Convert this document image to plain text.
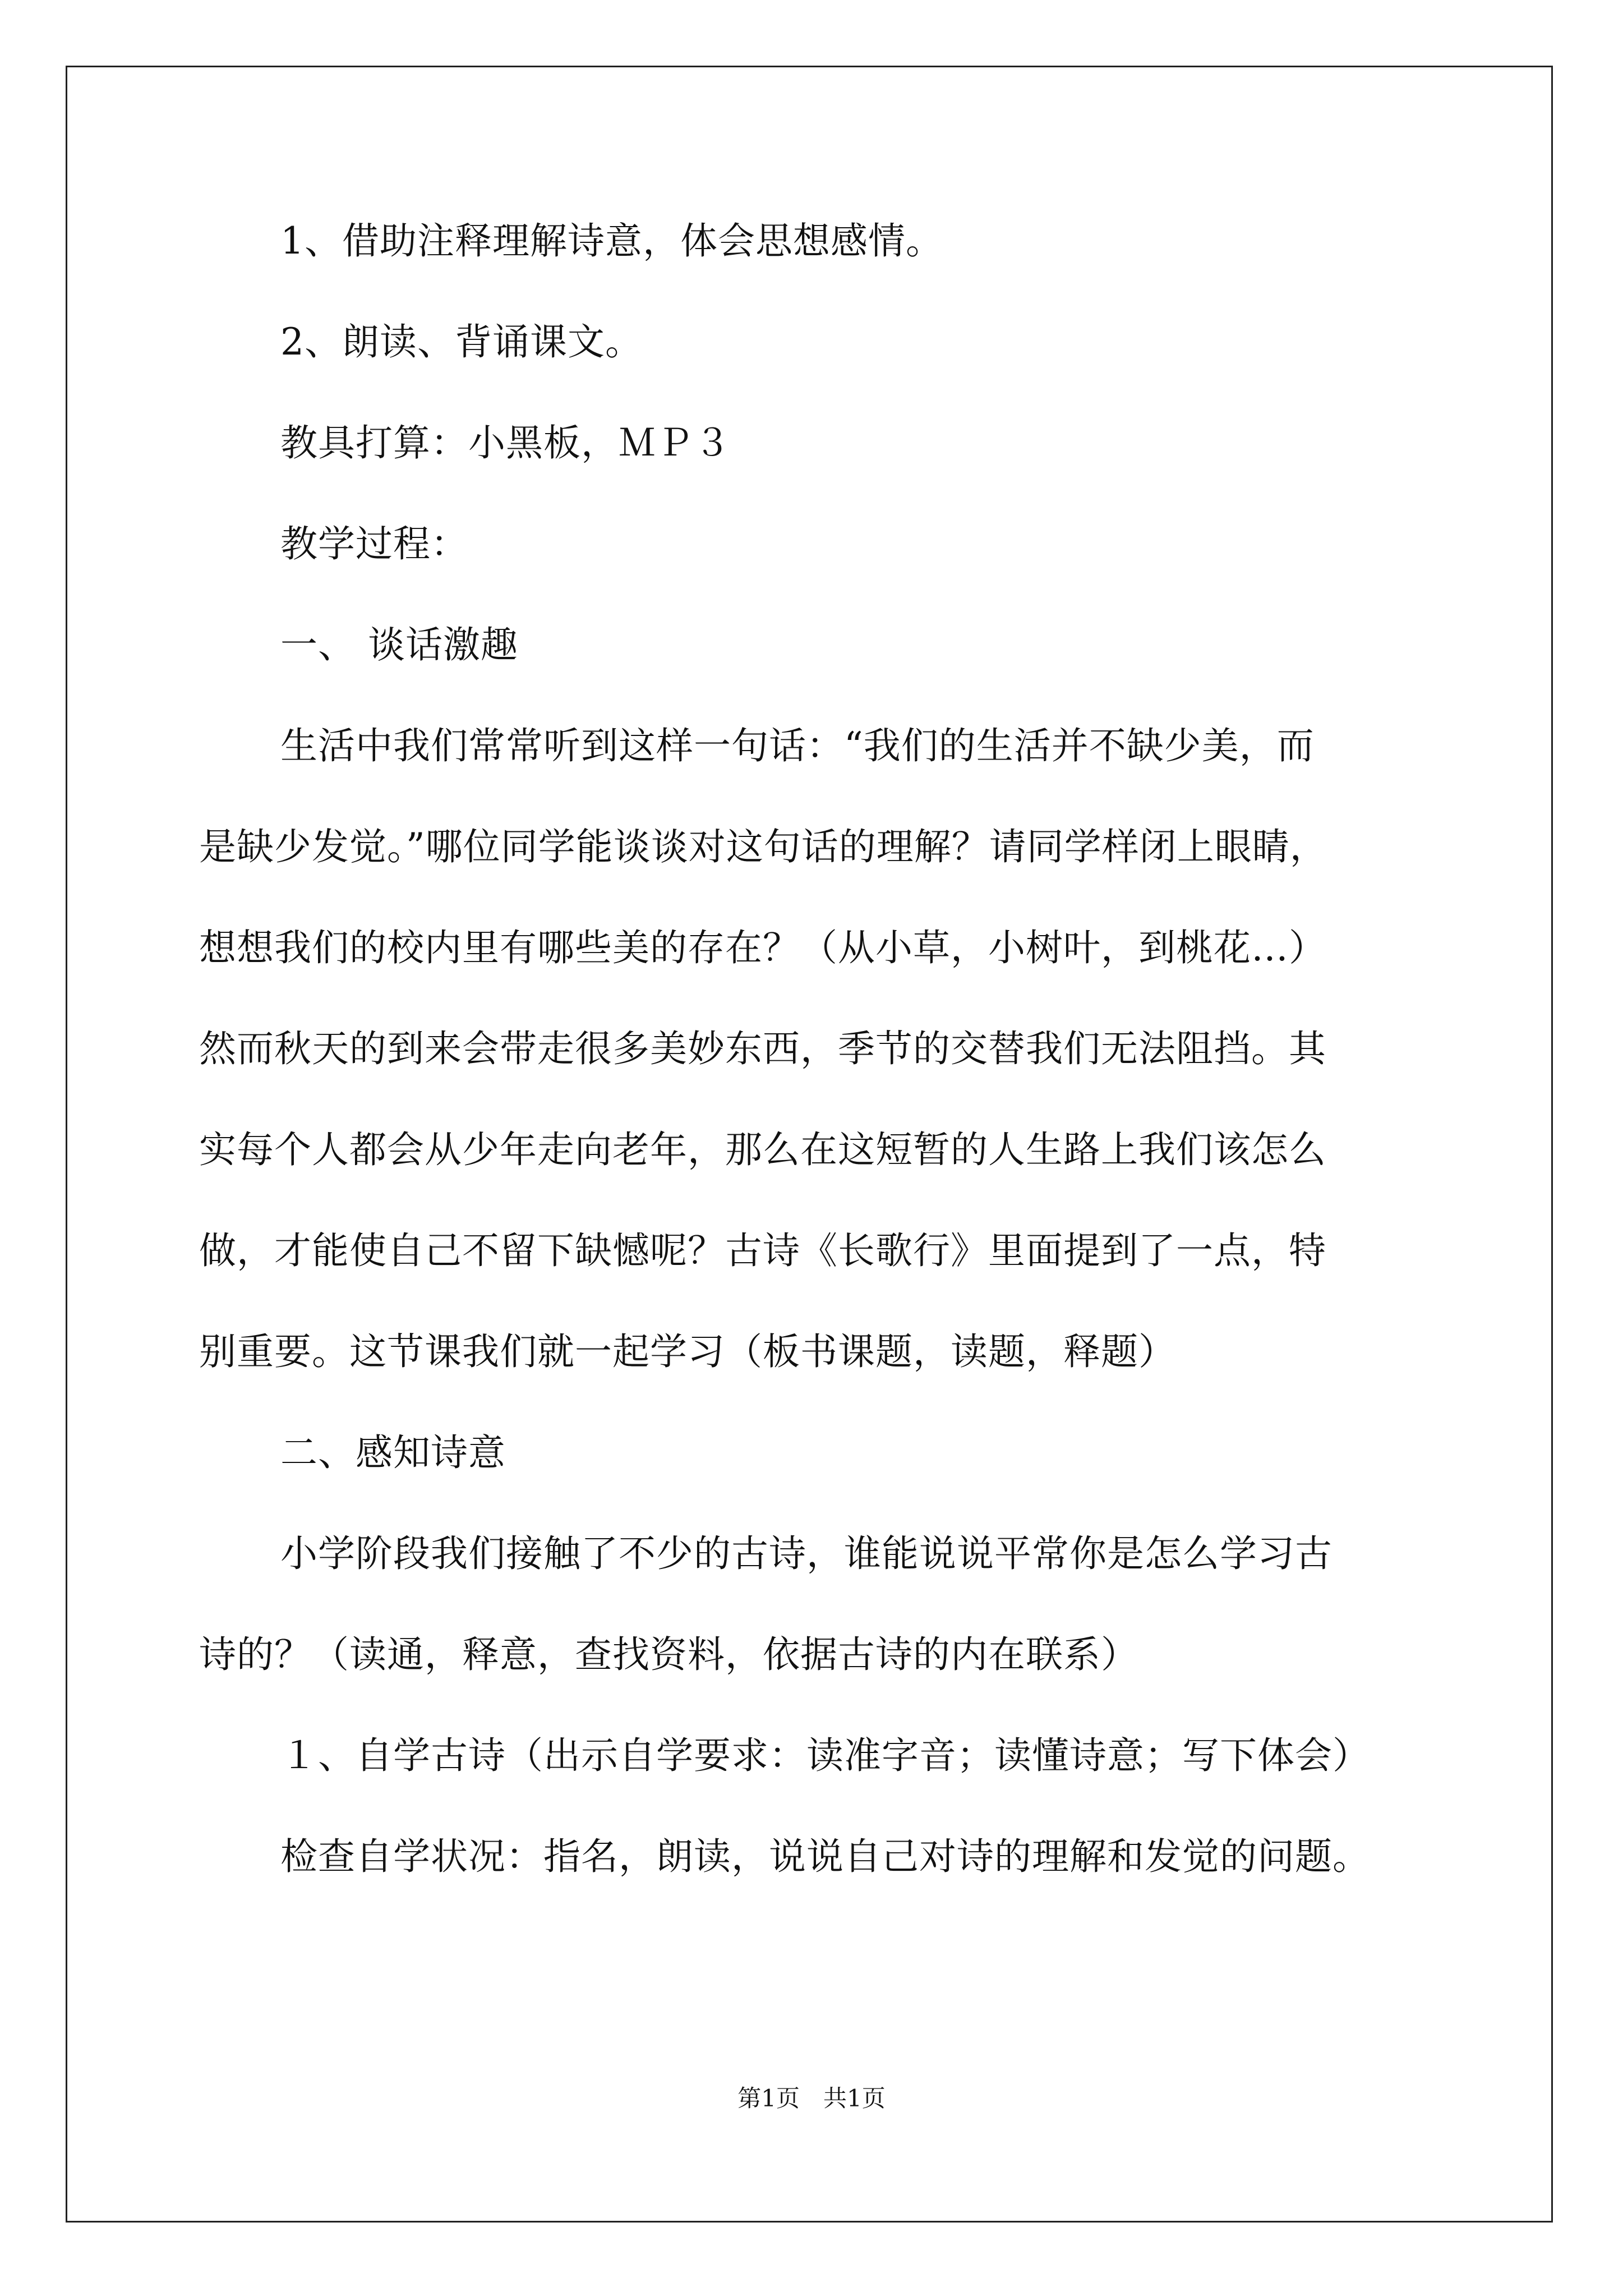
1、借助注释理解诗意，体会思想感情。
2、朗读、背诵课文。
教具打算：小黑板，ＭＰ３
教学过程：
一、 谈话激趣
生活中我们常常听到这样一句话：“我们的生活并不缺少美，而
是缺少发觉。”哪位同学能谈谈对这句话的理解？请同学样闭上眼睛，
想想我们的校内里有哪些美的存在？（从小草，小树叶，到桃花…）
然而秋天的到来会带走很多美妙东西，季节的交替我们无法阻挡。其
实每个人都会从少年走向老年，那么在这短暂的人生路上我们该怎么
做，才能使自己不留下缺憾呢？古诗《长歌行》里面提到了一点，特
别重要。这节课我们就一起学习（板书课题，读题，释题）
二、感知诗意
小学阶段我们接触了不少的古诗，谁能说说平常你是怎么学习古
诗的？（读通，释意，查找资料，依据古诗的内在联系）
１、自学古诗（出示自学要求：读准字音；读懂诗意；写下体会）
检查自学状况：指名，朗读，说说自己对诗的理解和发觉的问题。
第1页　共1页
